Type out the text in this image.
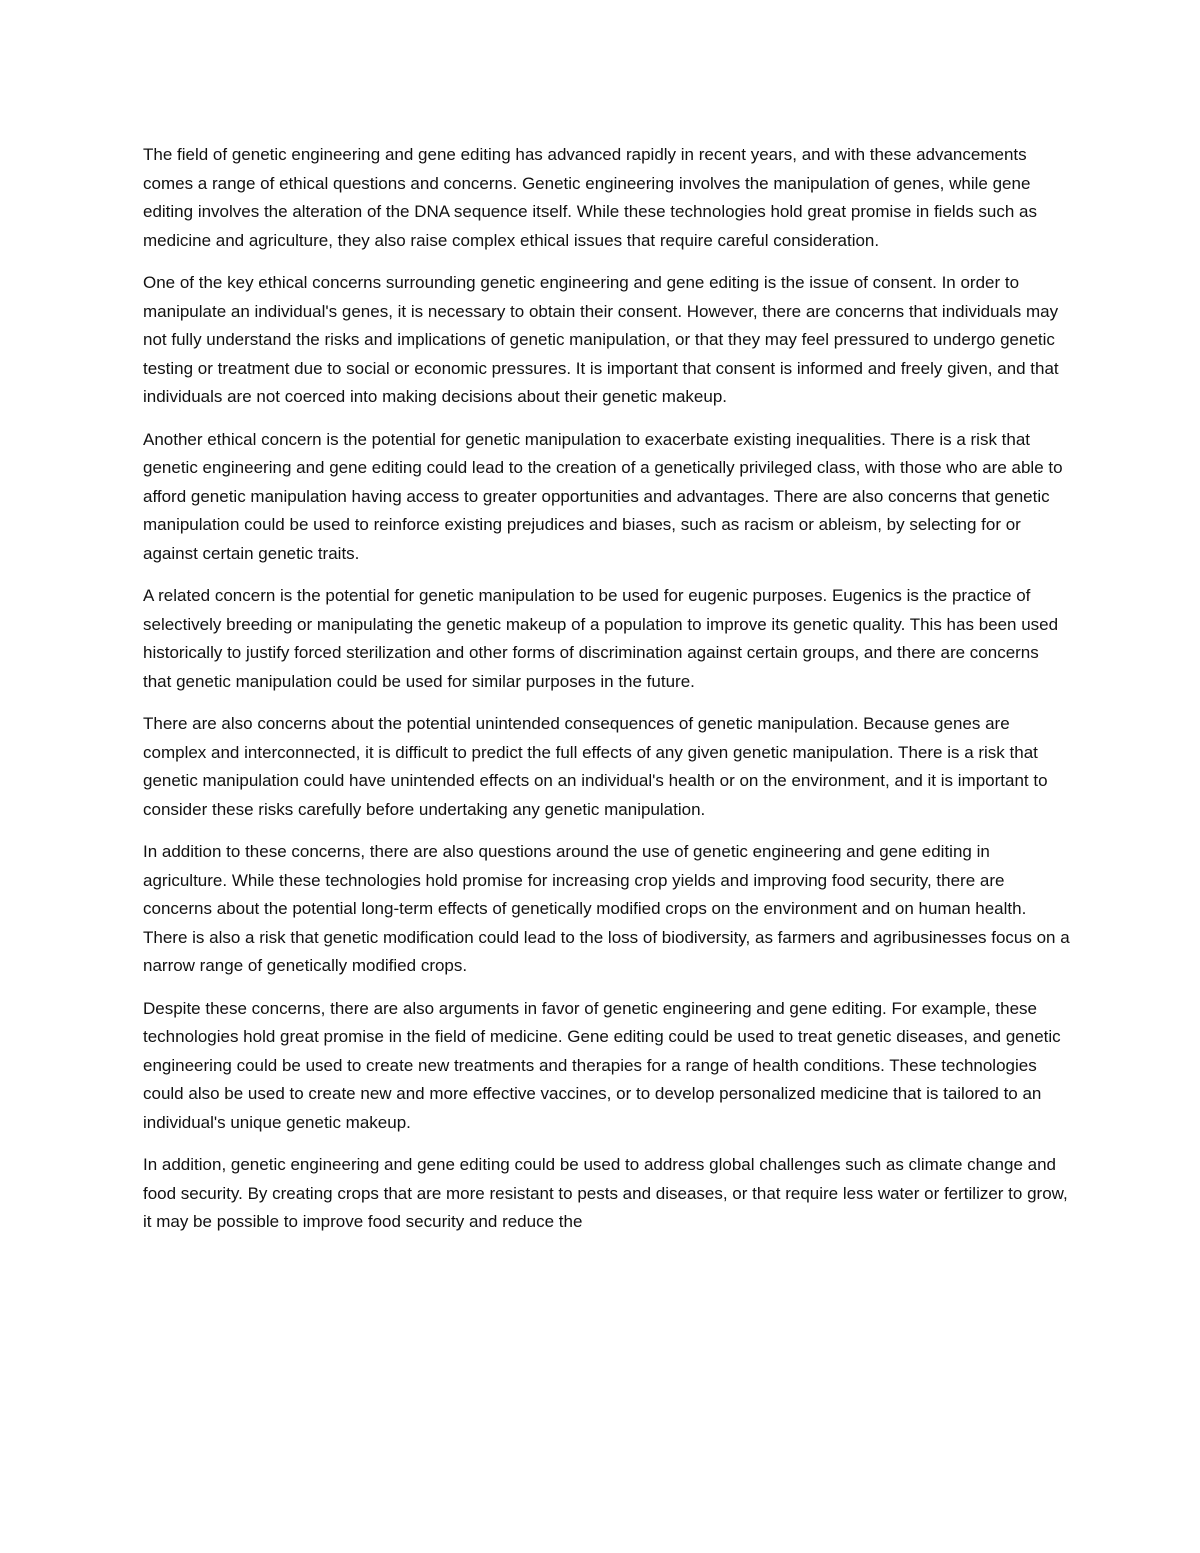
The field of genetic engineering and gene editing has advanced rapidly in recent years, and with these advancements comes a range of ethical questions and concerns. Genetic engineering involves the manipulation of genes, while gene editing involves the alteration of the DNA sequence itself. While these technologies hold great promise in fields such as medicine and agriculture, they also raise complex ethical issues that require careful consideration.

One of the key ethical concerns surrounding genetic engineering and gene editing is the issue of consent. In order to manipulate an individual's genes, it is necessary to obtain their consent. However, there are concerns that individuals may not fully understand the risks and implications of genetic manipulation, or that they may feel pressured to undergo genetic testing or treatment due to social or economic pressures. It is important that consent is informed and freely given, and that individuals are not coerced into making decisions about their genetic makeup.

Another ethical concern is the potential for genetic manipulation to exacerbate existing inequalities. There is a risk that genetic engineering and gene editing could lead to the creation of a genetically privileged class, with those who are able to afford genetic manipulation having access to greater opportunities and advantages. There are also concerns that genetic manipulation could be used to reinforce existing prejudices and biases, such as racism or ableism, by selecting for or against certain genetic traits.

A related concern is the potential for genetic manipulation to be used for eugenic purposes. Eugenics is the practice of selectively breeding or manipulating the genetic makeup of a population to improve its genetic quality. This has been used historically to justify forced sterilization and other forms of discrimination against certain groups, and there are concerns that genetic manipulation could be used for similar purposes in the future.

There are also concerns about the potential unintended consequences of genetic manipulation. Because genes are complex and interconnected, it is difficult to predict the full effects of any given genetic manipulation. There is a risk that genetic manipulation could have unintended effects on an individual's health or on the environment, and it is important to consider these risks carefully before undertaking any genetic manipulation.

In addition to these concerns, there are also questions around the use of genetic engineering and gene editing in agriculture. While these technologies hold promise for increasing crop yields and improving food security, there are concerns about the potential long-term effects of genetically modified crops on the environment and on human health. There is also a risk that genetic modification could lead to the loss of biodiversity, as farmers and agribusinesses focus on a narrow range of genetically modified crops.

Despite these concerns, there are also arguments in favor of genetic engineering and gene editing. For example, these technologies hold great promise in the field of medicine. Gene editing could be used to treat genetic diseases, and genetic engineering could be used to create new treatments and therapies for a range of health conditions. These technologies could also be used to create new and more effective vaccines, or to develop personalized medicine that is tailored to an individual's unique genetic makeup.

In addition, genetic engineering and gene editing could be used to address global challenges such as climate change and food security. By creating crops that are more resistant to pests and diseases, or that require less water or fertilizer to grow, it may be possible to improve food security and reduce the
